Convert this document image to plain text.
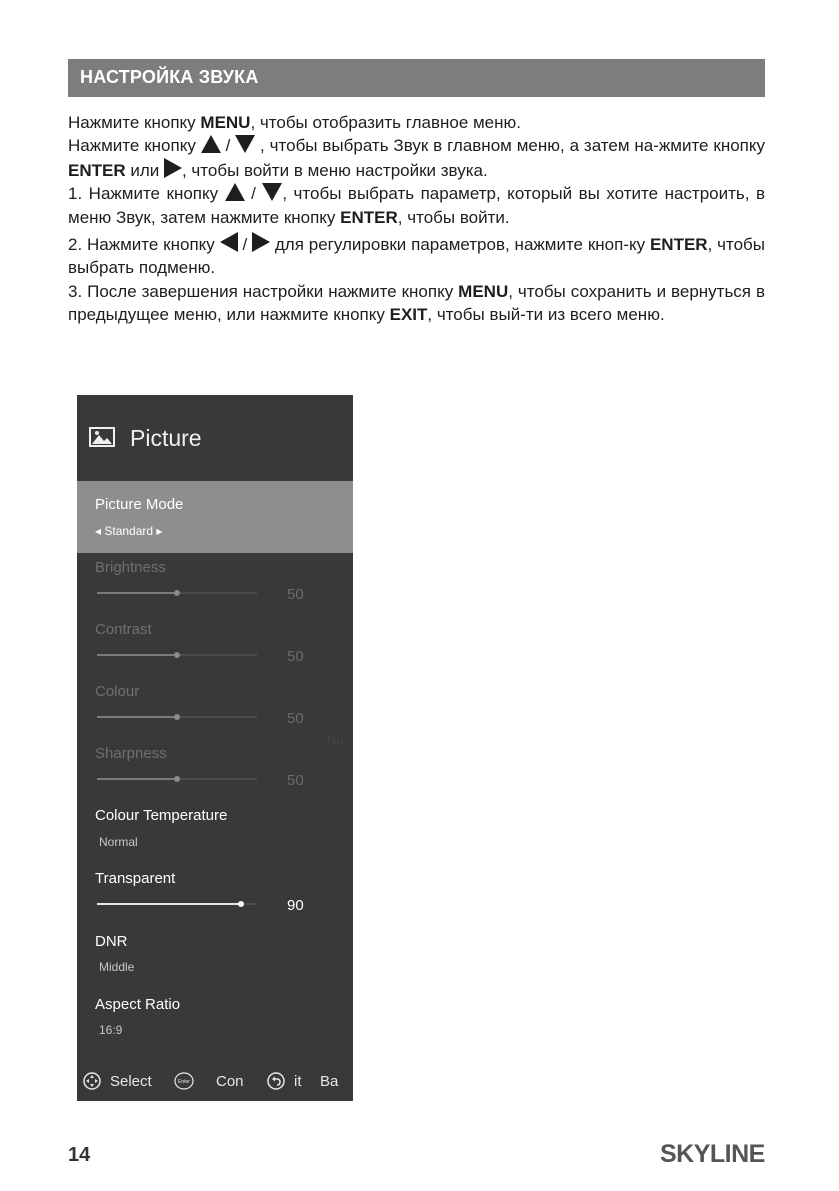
НАСТРОЙКА ЗВУКА

Нажмите кнопку MENU, чтобы отобразить главное меню.

Нажмите кнопку  /  , чтобы выбрать Звук в главном меню, а затем на-жмите кнопку ENTER или , чтобы войти в меню настройки звука.

1. Нажмите кнопку  / , чтобы выбрать параметр, который вы хотите настроить, в меню Звук, затем нажмите кнопку ENTER, чтобы войти.

2. Нажмите кнопку  /  для регулировки параметров, нажмите кноп-ку ENTER, чтобы выбрать подменю.

3. После завершения настройки нажмите кнопку MENU, чтобы сохранить и вернуться в предыдущее меню, или нажмите кнопку EXIT, чтобы вый-ти из всего меню.

Picture
Picture Mode
◂ Standard ▸
Brightness
50
Contrast
50
Colour
50
Sharpness
50
No
Colour Temperature
Normal
Transparent
90
DNR
Middle
Aspect Ratio
16:9
Select	Enter Con	it Ba
14	SKYLINE
